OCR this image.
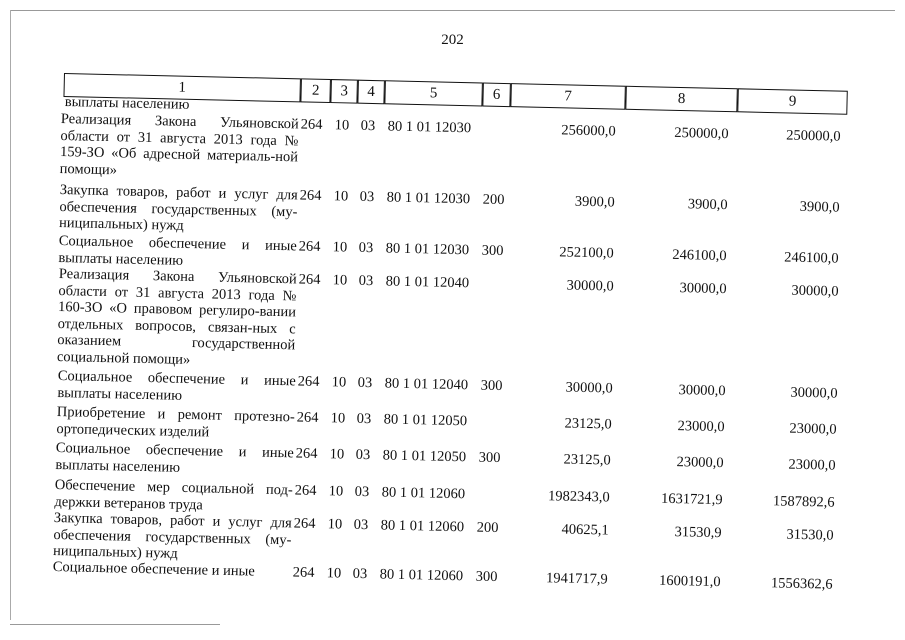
202
1	2	3	4	5	6	7	8	9
выплаты населению
Реализация Закона Ульяновской области от 31 августа 2013 года № 159-ЗО «Об адресной материаль-ной помощи»
264 10 03 80 1 01 12030	256000,0	250000,0	250000,0
Закупка товаров, работ и услуг для обеспечения государственных (му-ниципальных) нужд
264 10 03 80 1 01 12030 200	3900,0	3900,0	3900,0
Социальное обеспечение и иные выплаты населению
264 10 03 80 1 01 12030 300	252100,0	246100,0	246100,0
Реализация Закона Ульяновской области от 31 августа 2013 года № 160-ЗО «О правовом регулиро-вании отдельных вопросов, связан-ных с оказанием государственной социальной помощи»
264 10 03 80 1 01 12040	30000,0	30000,0	30000,0
Социальное обеспечение и иные выплаты населению
264 10 03 80 1 01 12040 300	30000,0	30000,0	30000,0
Приобретение и ремонт протезно-ортопедических изделий
264 10 03 80 1 01 12050	23125,0	23000,0	23000,0
Социальное обеспечение и иные выплаты населению
264 10 03 80 1 01 12050 300	23125,0	23000,0	23000,0
Обеспечение мер социальной под-держки ветеранов труда
264 10 03 80 1 01 12060	1982343,0	1631721,9	1587892,6
Закупка товаров, работ и услуг для обеспечения государственных (му-ниципальных) нужд
264 10 03 80 1 01 12060 200	40625,1	31530,9	31530,0
Социальное обеспечение и иные	264 10 03 80 1 01 12060 300	1941717,9	1600191,0	1556362,6
